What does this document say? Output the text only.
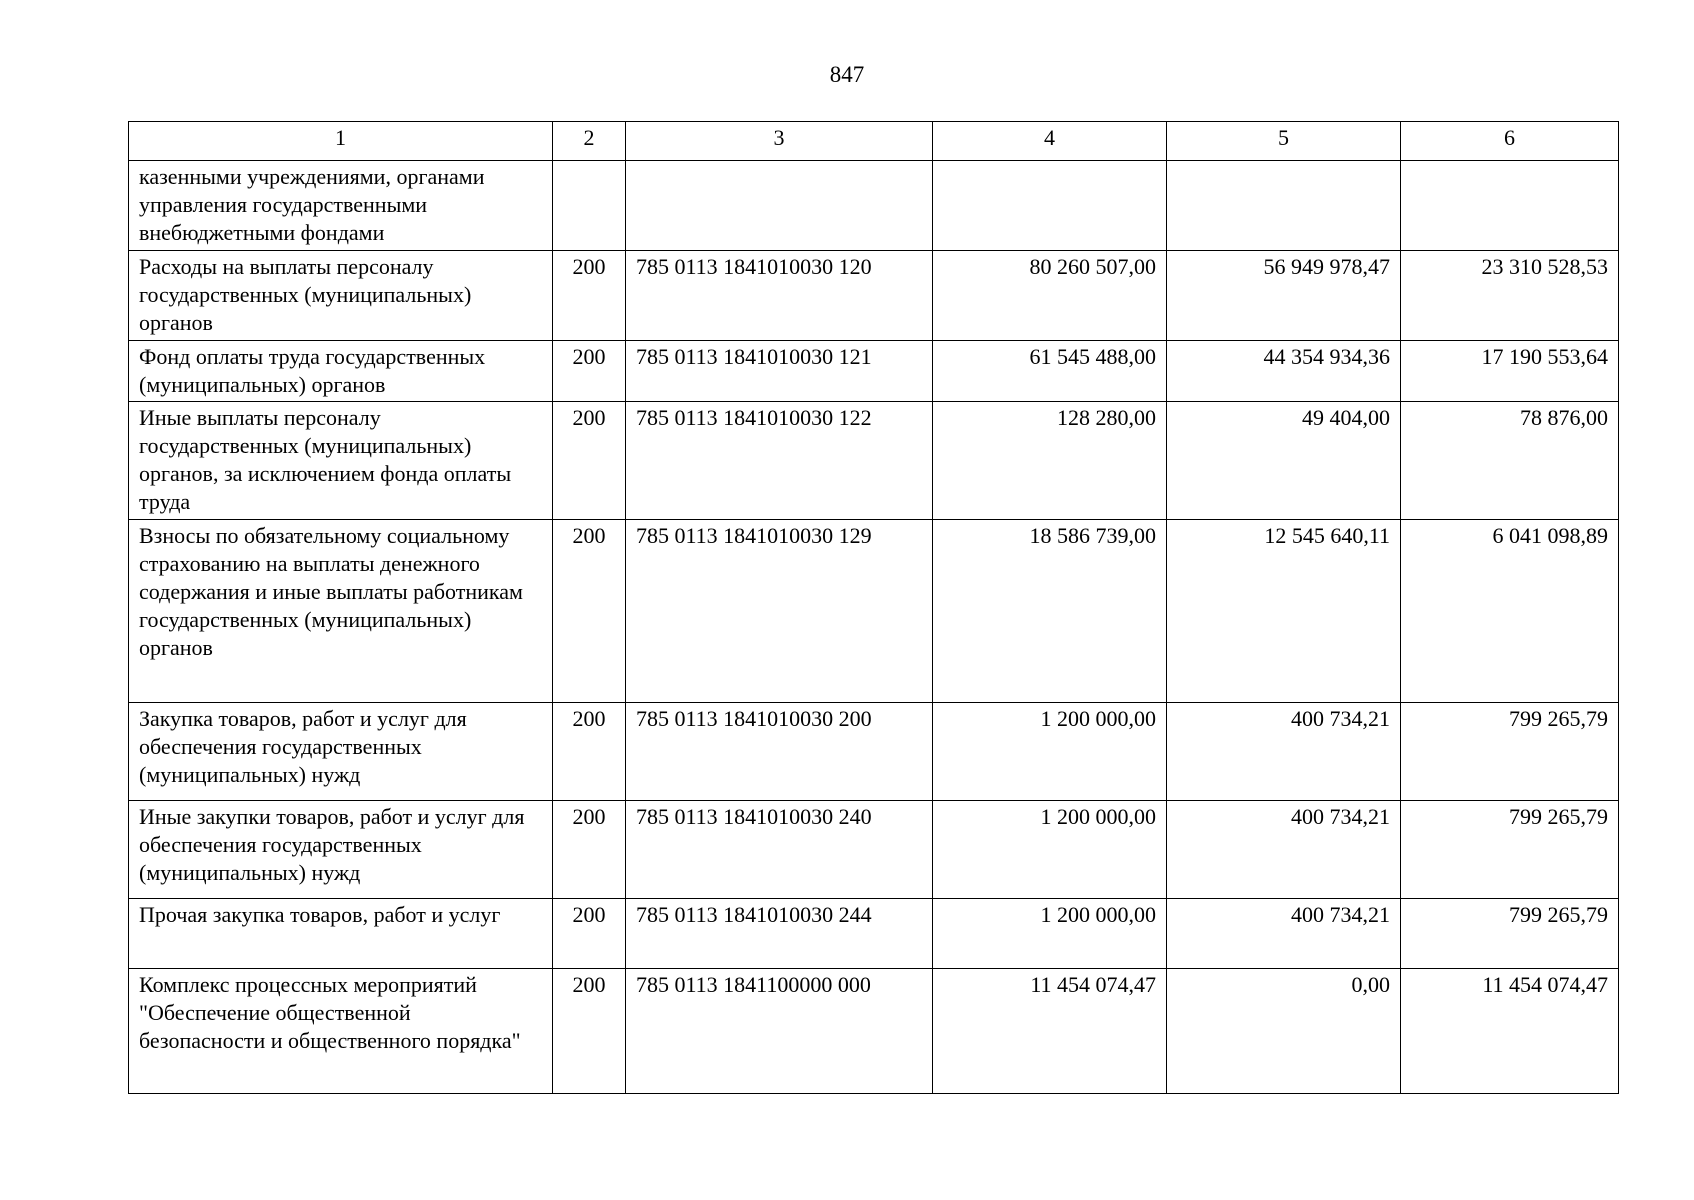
847
1	2	3	4	5	6
казенными учреждениями, органами управления государственными внебюджетными фондами					
Расходы на выплаты персоналу государственных (муниципальных) органов	200	785 0113 1841010030 120	80 260 507,00	56 949 978,47	23 310 528,53
Фонд оплаты труда государственных (муниципальных) органов	200	785 0113 1841010030 121	61 545 488,00	44 354 934,36	17 190 553,64
Иные выплаты персоналу государственных (муниципальных) органов, за исключением фонда оплаты труда	200	785 0113 1841010030 122	128 280,00	49 404,00	78 876,00
Взносы по обязательному социальному страхованию на выплаты денежного содержания и иные выплаты работникам государственных (муниципальных) органов	200	785 0113 1841010030 129	18 586 739,00	12 545 640,11	6 041 098,89
Закупка товаров, работ и услуг для обеспечения государственных (муниципальных) нужд	200	785 0113 1841010030 200	1 200 000,00	400 734,21	799 265,79
Иные закупки товаров, работ и услуг для обеспечения государственных (муниципальных) нужд	200	785 0113 1841010030 240	1 200 000,00	400 734,21	799 265,79
Прочая закупка товаров, работ и услуг	200	785 0113 1841010030 244	1 200 000,00	400 734,21	799 265,79
Комплекс процессных мероприятий "Обеспечение общественной безопасности и общественного порядка"	200	785 0113 1841100000 000	11 454 074,47	0,00	11 454 074,47
